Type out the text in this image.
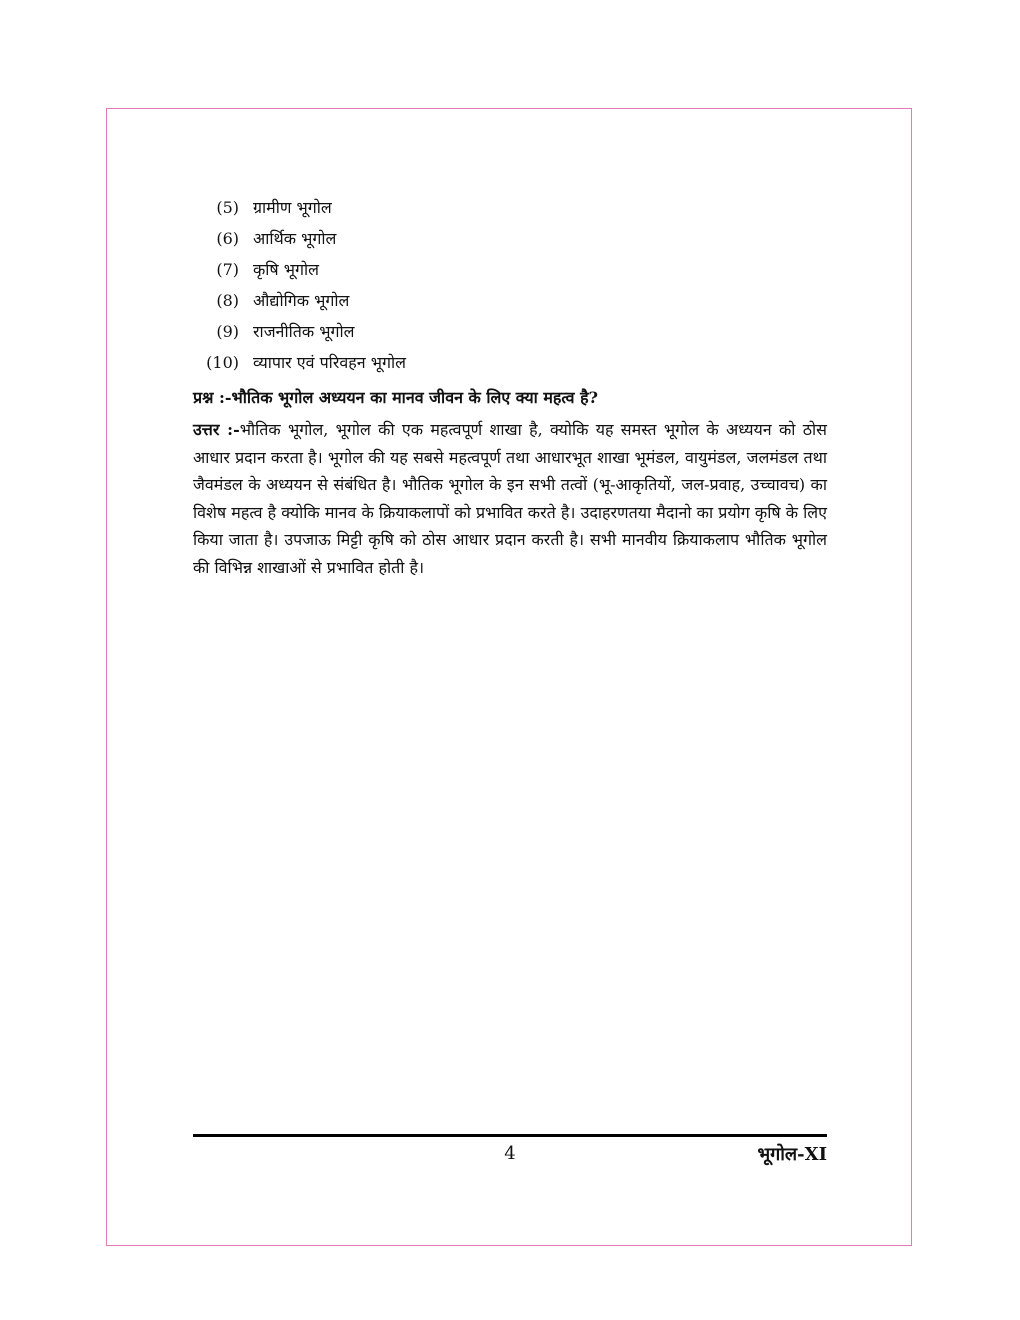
(5) ग्रामीण भूगोल
(6) आर्थिक भूगोल
(7) कृषि भूगोल
(8) औद्योगिक भूगोल
(9) राजनीतिक भूगोल
(10) व्यापार एवं परिवहन भूगोल

प्रश्न :-भौतिक भूगोल अध्ययन का मानव जीवन के लिए क्या महत्व है?

उत्तर :-भौतिक भूगोल, भूगोल की एक महत्वपूर्ण शाखा है, क्योकि यह समस्त भूगोल के अध्ययन को ठोस आधार प्रदान करता है। भूगोल की यह सबसे महत्वपूर्ण तथा आधारभूत शाखा भूमंडल, वायुमंडल, जलमंडल तथा जैवमंडल के अध्ययन से संबंधित है। भौतिक भूगोल के इन सभी तत्वों (भू-आकृतियों, जल-प्रवाह, उच्चावच) का विशेष महत्व है क्योकि मानव के क्रियाकलापों को प्रभावित करते है। उदाहरणतया मैदानो का प्रयोग कृषि के लिए किया जाता है। उपजाऊ मिट्टी कृषि को ठोस आधार प्रदान करती है। सभी मानवीय क्रियाकलाप भौतिक भूगोल की विभिन्न शाखाओं से प्रभावित होती है।

4	भूगोल-XI
